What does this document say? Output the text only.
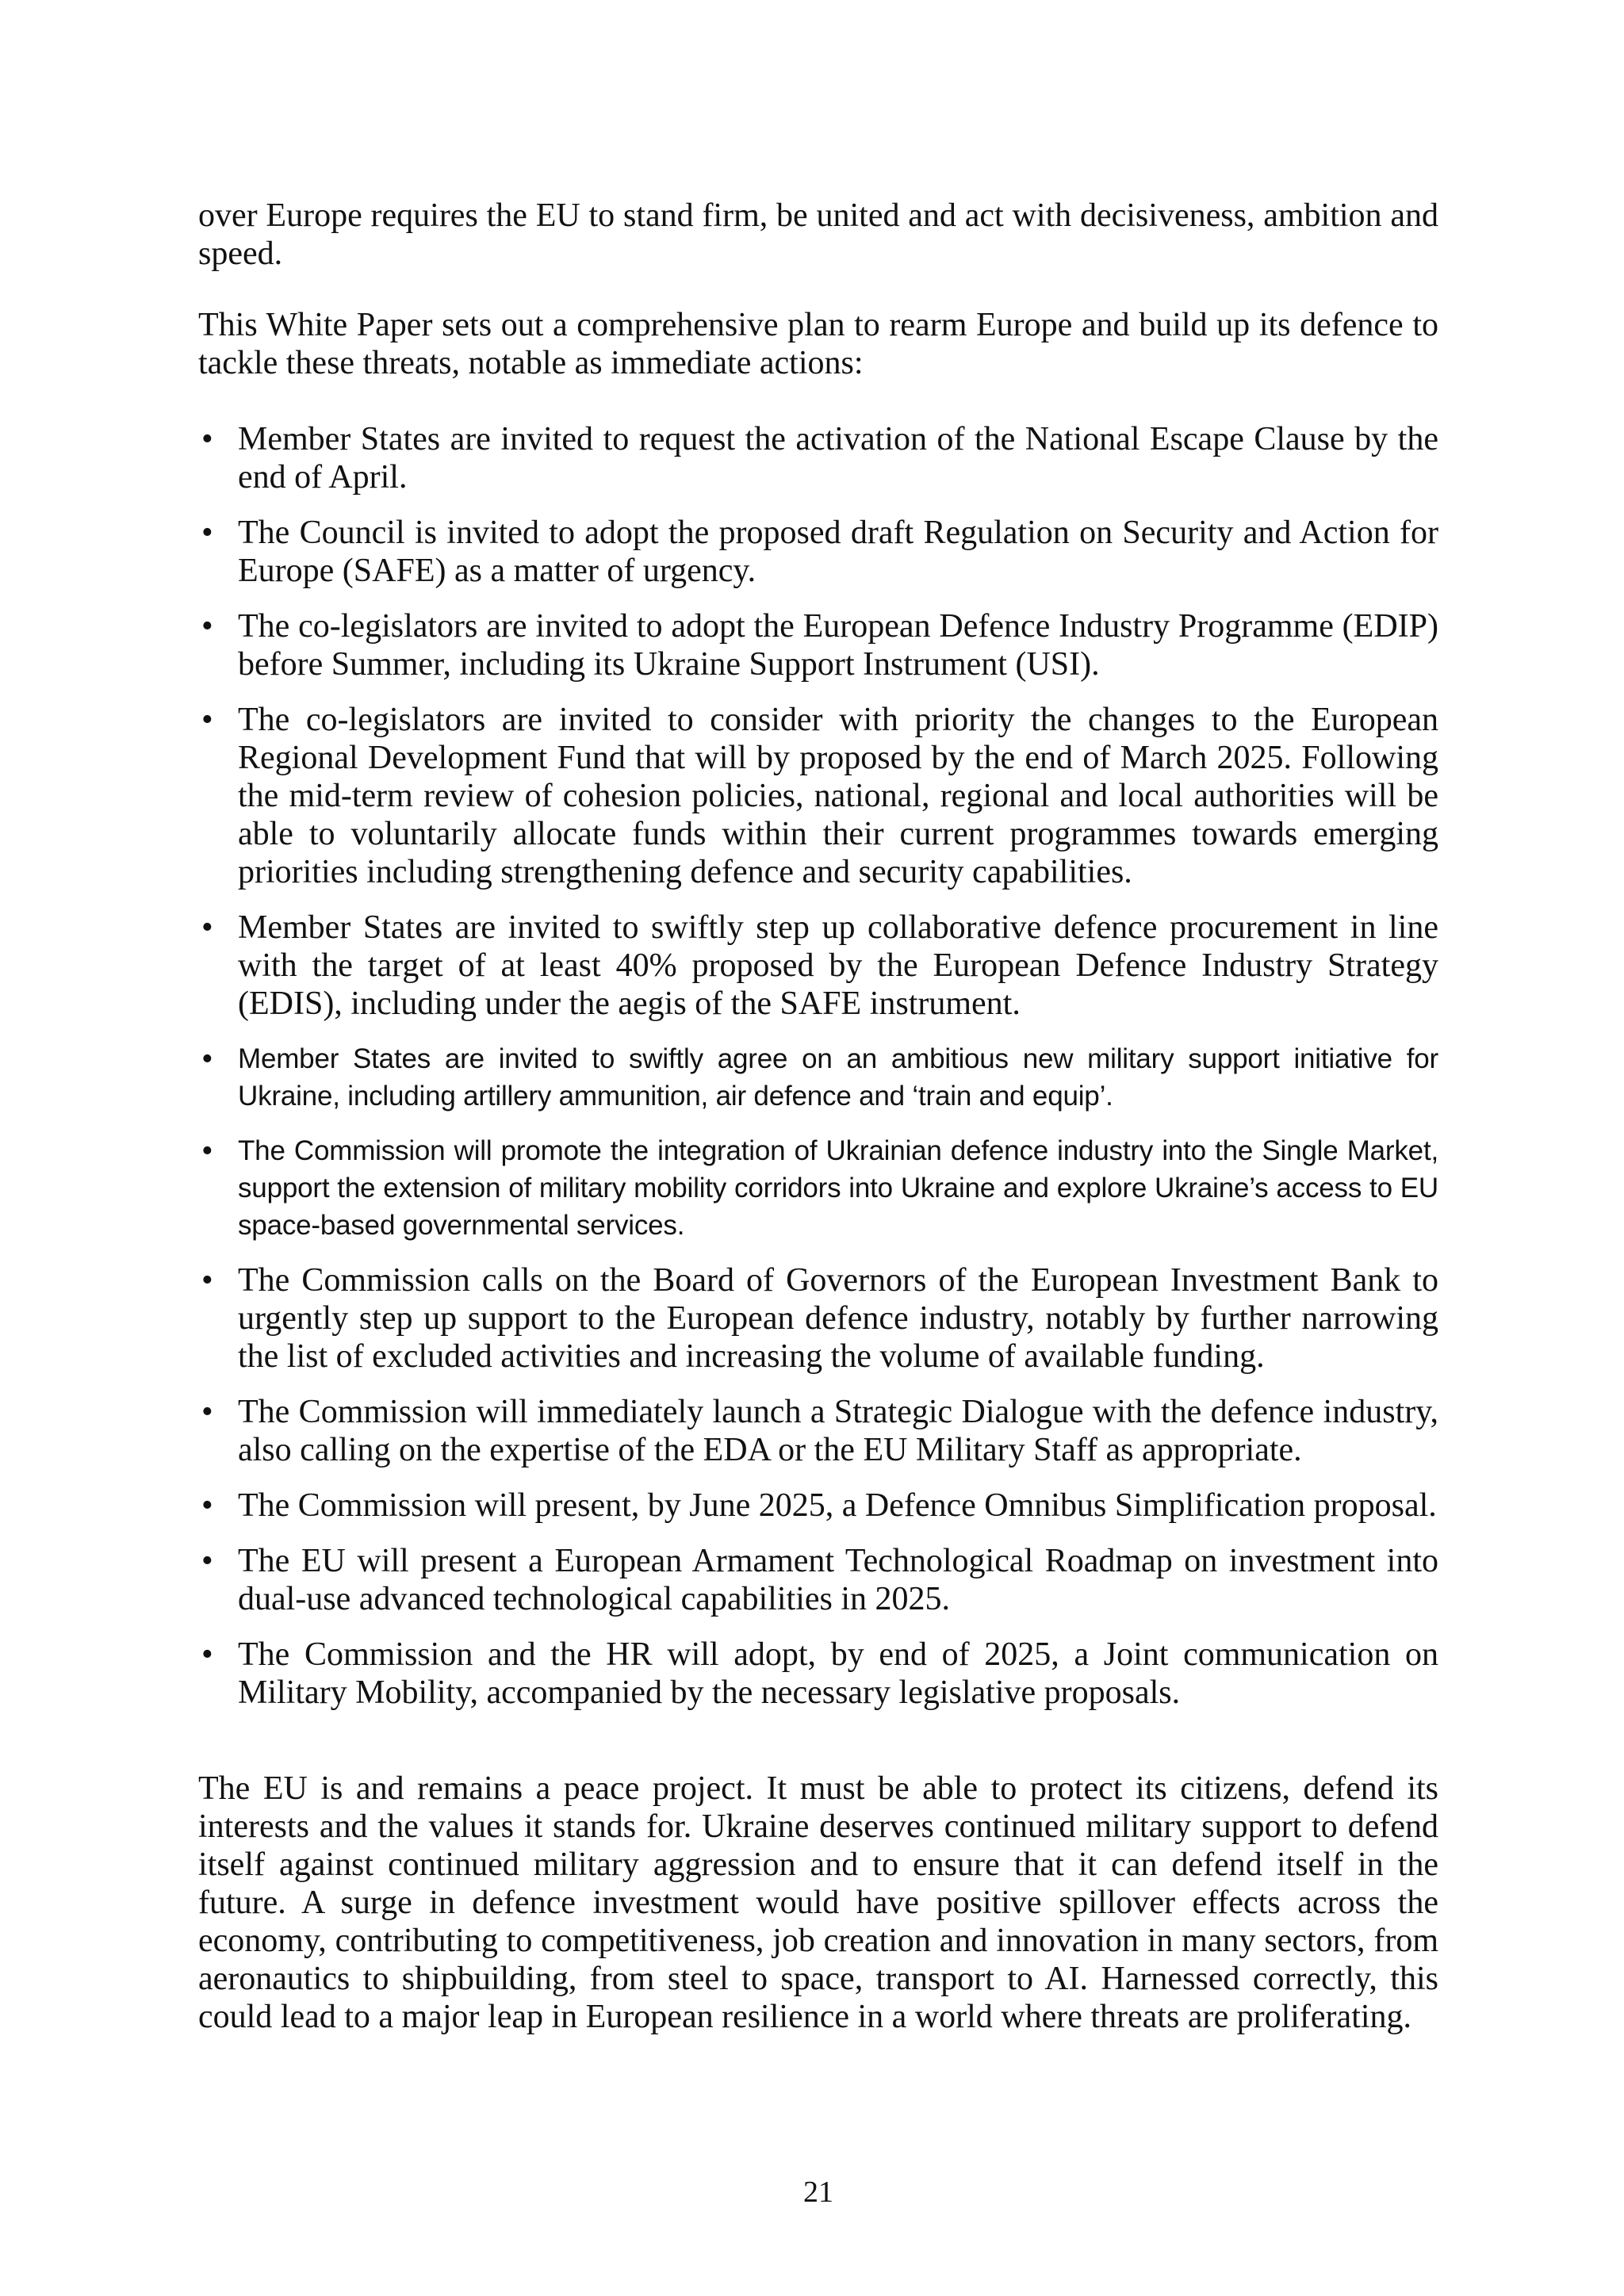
over Europe requires the EU to stand firm, be united and act with decisiveness, ambition and speed.

This White Paper sets out a comprehensive plan to rearm Europe and build up its defence to tackle these threats, notable as immediate actions:

• Member States are invited to request the activation of the National Escape Clause by the end of April.
• The Council is invited to adopt the proposed draft Regulation on Security and Action for Europe (SAFE) as a matter of urgency.
• The co-legislators are invited to adopt the European Defence Industry Programme (EDIP) before Summer, including its Ukraine Support Instrument (USI).
• The co-legislators are invited to consider with priority the changes to the European Regional Development Fund that will by proposed by the end of March 2025. Following the mid-term review of cohesion policies, national, regional and local authorities will be able to voluntarily allocate funds within their current programmes towards emerging priorities including strengthening defence and security capabilities.
• Member States are invited to swiftly step up collaborative defence procurement in line with the target of at least 40% proposed by the European Defence Industry Strategy (EDIS), including under the aegis of the SAFE instrument.
• Member States are invited to swiftly agree on an ambitious new military support initiative for Ukraine, including artillery ammunition, air defence and ‘train and equip’.
• The Commission will promote the integration of Ukrainian defence industry into the Single Market, support the extension of military mobility corridors into Ukraine and explore Ukraine’s access to EU space-based governmental services.
• The Commission calls on the Board of Governors of the European Investment Bank to urgently step up support to the European defence industry, notably by further narrowing the list of excluded activities and increasing the volume of available funding.
• The Commission will immediately launch a Strategic Dialogue with the defence industry, also calling on the expertise of the EDA or the EU Military Staff as appropriate.
• The Commission will present, by June 2025, a Defence Omnibus Simplification proposal.
• The EU will present a European Armament Technological Roadmap on investment into dual-use advanced technological capabilities in 2025.
• The Commission and the HR will adopt, by end of 2025, a Joint communication on Military Mobility, accompanied by the necessary legislative proposals.

The EU is and remains a peace project. It must be able to protect its citizens, defend its interests and the values it stands for. Ukraine deserves continued military support to defend itself against continued military aggression and to ensure that it can defend itself in the future. A surge in defence investment would have positive spillover effects across the economy, contributing to competitiveness, job creation and innovation in many sectors, from aeronautics to shipbuilding, from steel to space, transport to AI. Harnessed correctly, this could lead to a major leap in European resilience in a world where threats are proliferating.

21
